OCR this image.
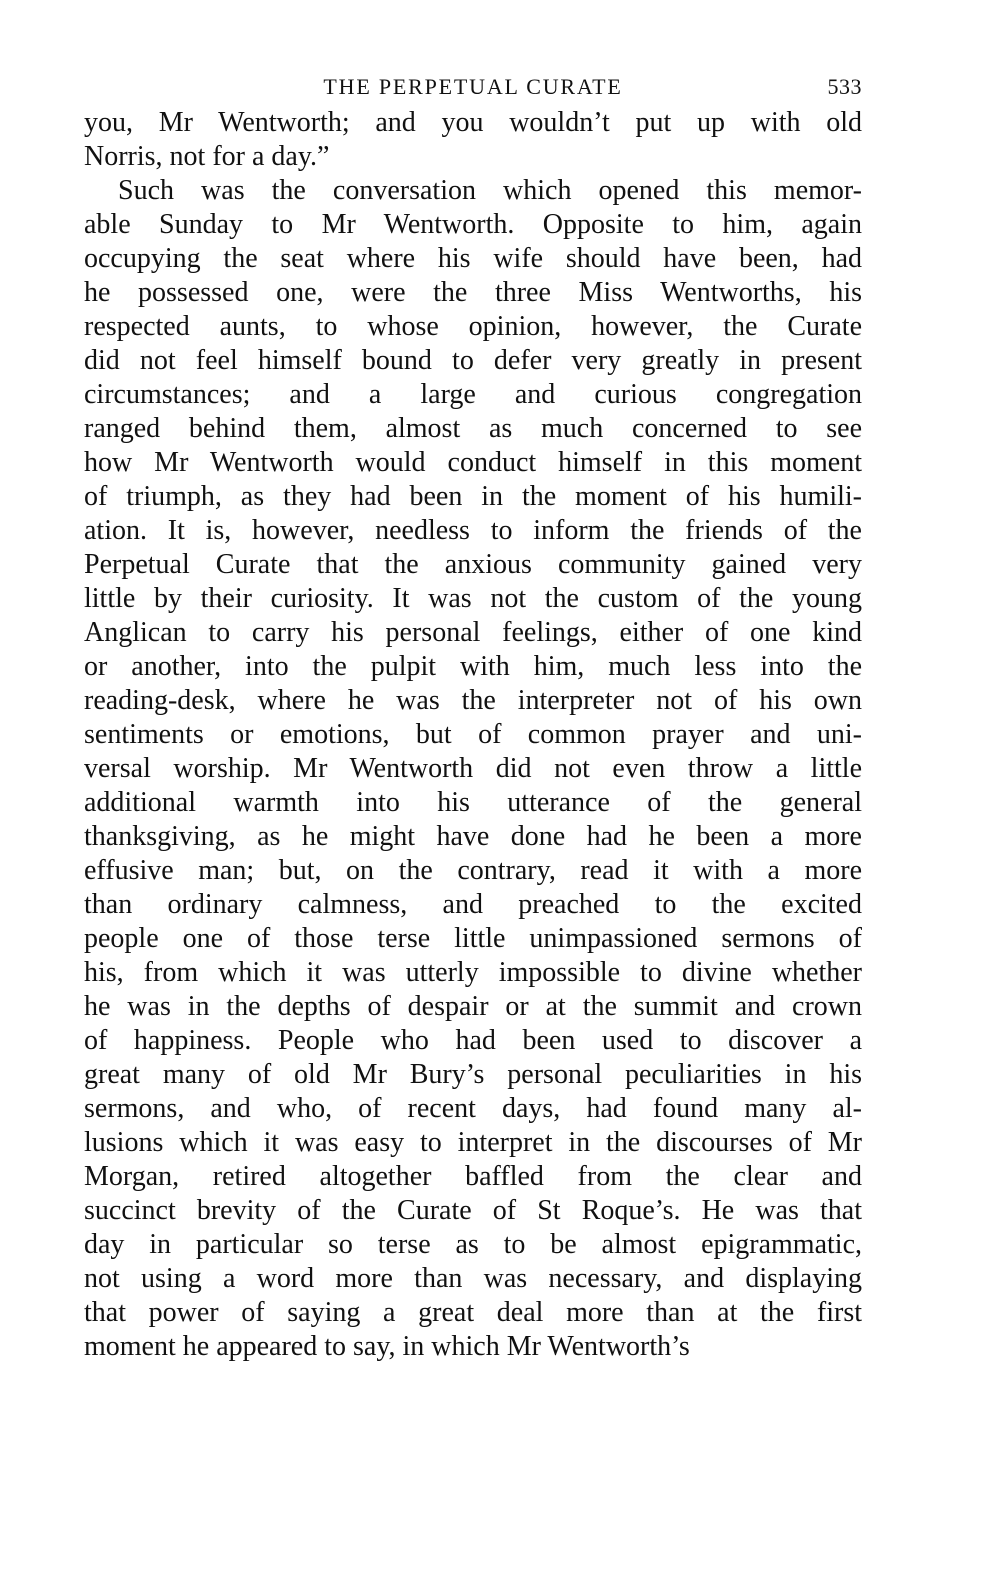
THE PERPETUAL CURATE	533
you, Mr Wentworth; and you wouldn’t put up with old
Norris, not for a day.”
Such was the conversation which opened this memor-
able Sunday to Mr Wentworth. Opposite to him, again
occupying the seat where his wife should have been, had
he possessed one, were the three Miss Wentworths, his
respected aunts, to whose opinion, however, the Curate
did not feel himself bound to defer very greatly in present
circumstances; and a large and curious congregation
ranged behind them, almost as much concerned to see
how Mr Wentworth would conduct himself in this moment
of triumph, as they had been in the moment of his humili-
ation. It is, however, needless to inform the friends of the
Perpetual Curate that the anxious community gained very
little by their curiosity. It was not the custom of the young
Anglican to carry his personal feelings, either of one kind
or another, into the pulpit with him, much less into the
reading-desk, where he was the interpreter not of his own
sentiments or emotions, but of common prayer and uni-
versal worship. Mr Wentworth did not even throw a little
additional warmth into his utterance of the general
thanksgiving, as he might have done had he been a more
effusive man; but, on the contrary, read it with a more
than ordinary calmness, and preached to the excited
people one of those terse little unimpassioned sermons of
his, from which it was utterly impossible to divine whether
he was in the depths of despair or at the summit and crown
of happiness. People who had been used to discover a
great many of old Mr Bury’s personal peculiarities in his
sermons, and who, of recent days, had found many al-
lusions which it was easy to interpret in the discourses of Mr
Morgan, retired altogether baffled from the clear and
succinct brevity of the Curate of St Roque’s. He was that
day in particular so terse as to be almost epigrammatic,
not using a word more than was necessary, and displaying
that power of saying a great deal more than at the first
moment he appeared to say, in which Mr Wentworth’s
